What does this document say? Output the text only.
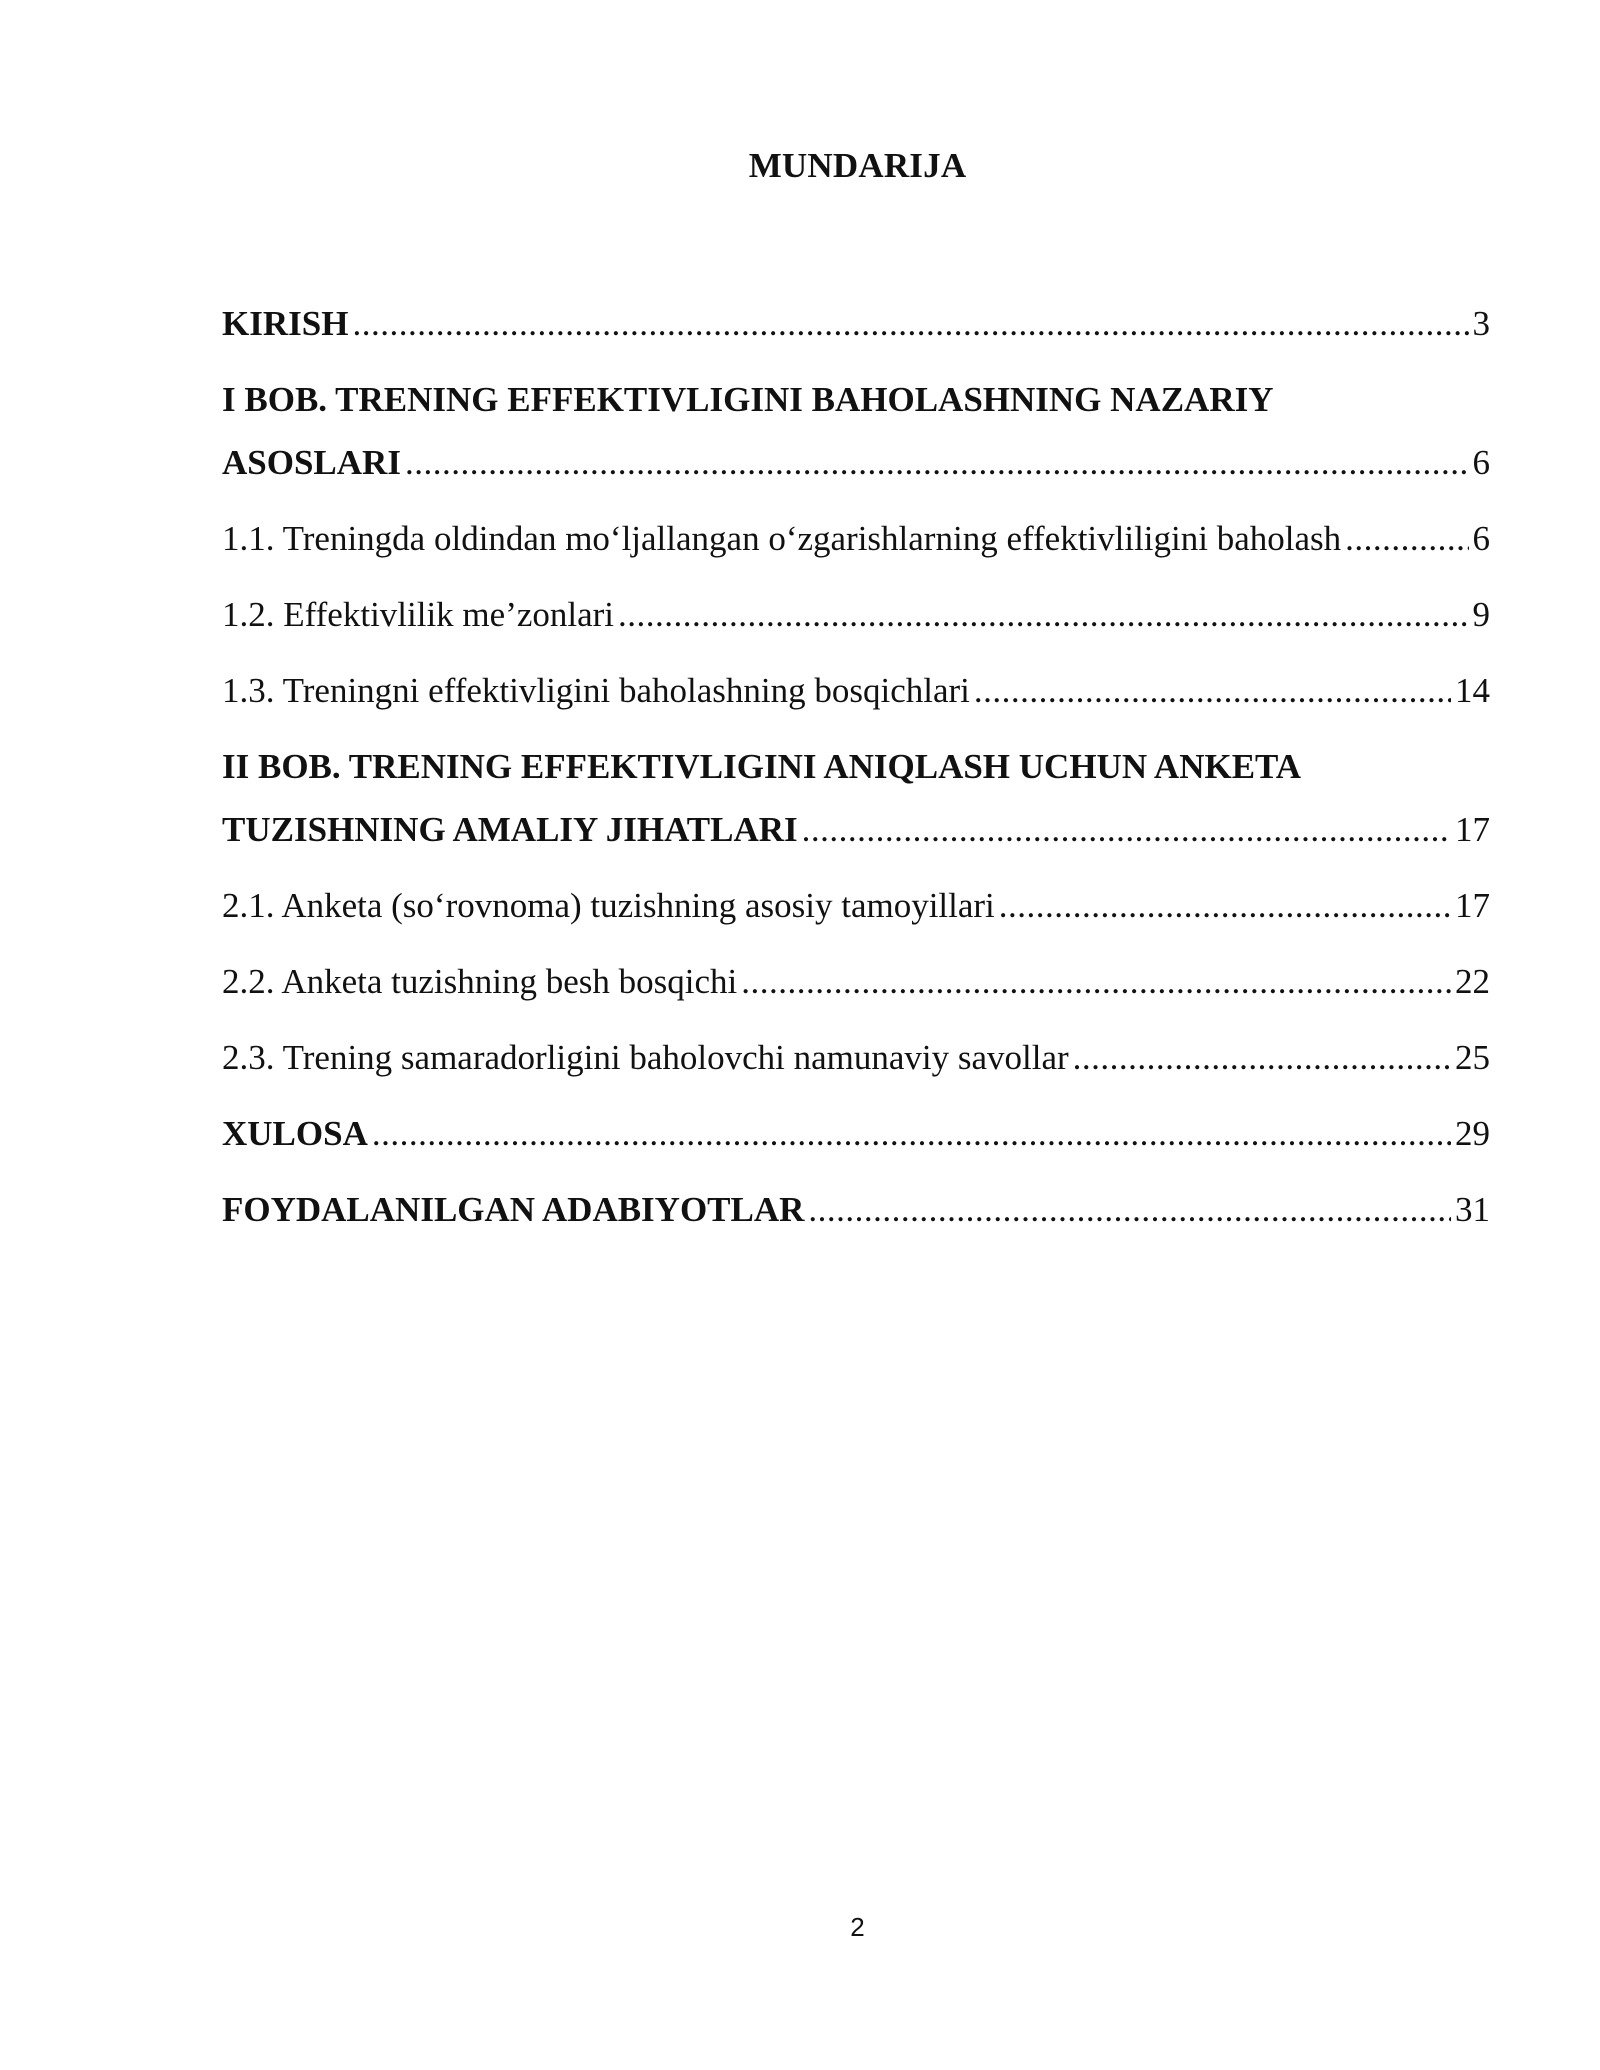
MUNDARIJA
KIRISH .....	3
I BOB. TRENING EFFEKTIVLIGINI BAHOLASHNING NAZARIY
ASOSLARI .....	6
1.1. Treningda oldindan mo‘ljallangan o‘zgarishlarning effektivliligini baholash .....	6
1.2. Effektivlilik me’zonlari .....	9
1.3. Treningni effektivligini baholashning bosqichlari .....	14
II BOB. TRENING EFFEKTIVLIGINI ANIQLASH UCHUN ANKETA
TUZISHNING AMALIY JIHATLARI .....	17
2.1. Anketa (so‘rovnoma) tuzishning asosiy tamoyillari .....	17
2.2. Anketa tuzishning besh bosqichi .....	22
2.3. Trening samaradorligini baholovchi namunaviy savollar .....	25
XULOSA .....	29
FOYDALANILGAN ADABIYOTLAR .....	31
2
